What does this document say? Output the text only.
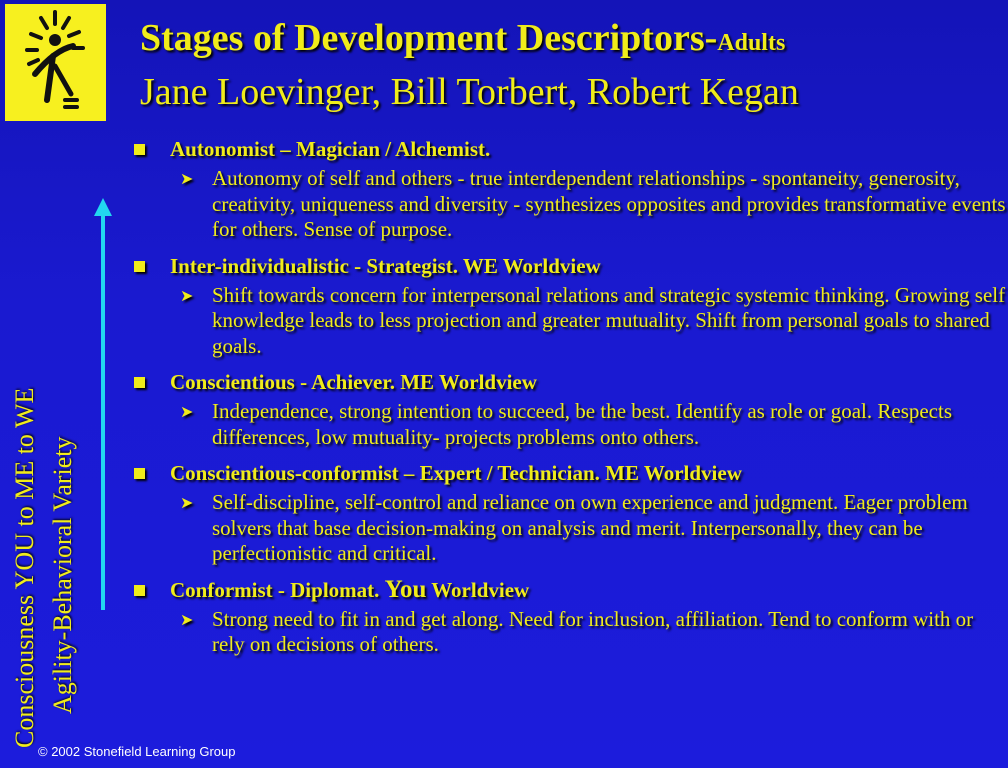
Stages of Development Descriptors-Adults
Jane Loevinger, Bill Torbert, Robert Kegan
Consciousness YOU to ME to WE Agility-Behavioral Variety
Autonomist – Magician / Alchemist.
➤ Autonomy of self and others - true interdependent relationships - spontaneity, generosity, creativity, uniqueness and diversity - synthesizes opposites and provides transformative events for others. Sense of purpose.
Inter-individualistic - Strategist. WE Worldview
➤ Shift towards concern for interpersonal relations and strategic systemic thinking. Growing self knowledge leads to less projection and greater mutuality. Shift from personal goals to shared goals.
Conscientious - Achiever. ME Worldview
➤ Independence, strong intention to succeed, be the best. Identify as role or goal. Respects differences, low mutuality- projects problems onto others.
Conscientious-conformist – Expert / Technician. ME Worldview
➤ Self-discipline, self-control and reliance on own experience and judgment. Eager problem solvers that base decision-making on analysis and merit. Interpersonally, they can be perfectionistic and critical.
Conformist - Diplomat. You Worldview
➤ Strong need to fit in and get along. Need for inclusion, affiliation. Tend to conform with or rely on decisions of others.
© 2002 Stonefield Learning Group
